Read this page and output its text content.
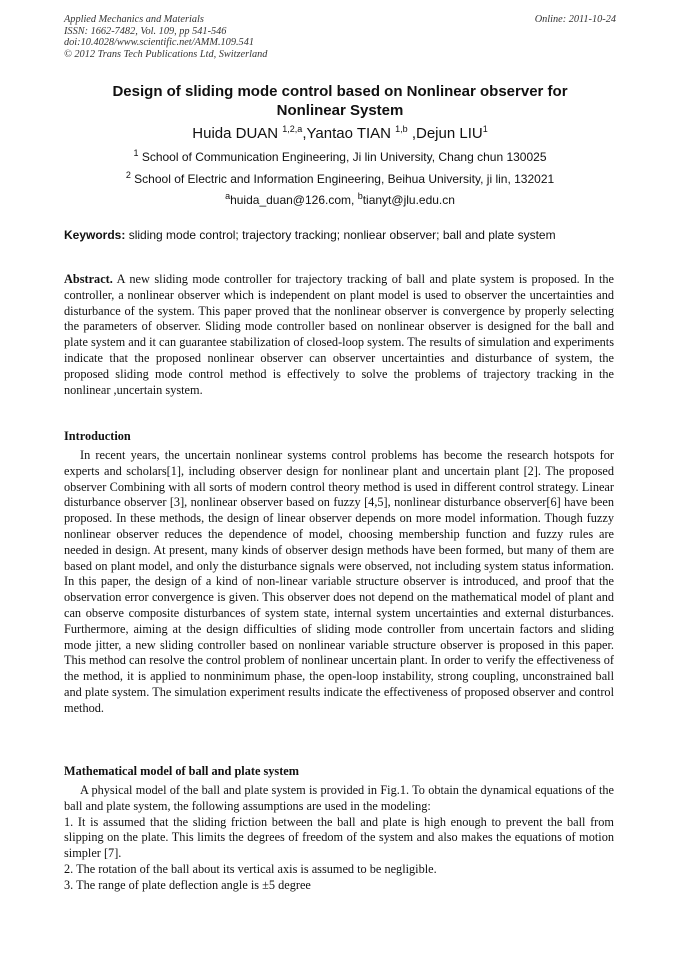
Applied Mechanics and Materials
ISSN: 1662-7482, Vol. 109, pp 541-546
doi:10.4028/www.scientific.net/AMM.109.541
© 2012 Trans Tech Publications Ltd, Switzerland
Online: 2011-10-24
Design of sliding mode control based on Nonlinear observer for
Nonlinear System
Huida DUAN $^{1,2,a}$,Yantao TIAN $^{1,b}$ ,Dejun LIU$^1$
$^1$ School of Communication Engineering, Ji lin University, Chang chun 130025
$^2$ School of Electric and Information Engineering, Beihua University, ji lin, 132021
$^a$huida_duan@126.com, $^b$tianyt@jlu.edu.cn
Keywords: sliding mode control; trajectory tracking; nonliear observer; ball and plate system
Abstract. A new sliding mode controller for trajectory tracking of ball and plate system is proposed. In the controller, a nonlinear observer which is independent on plant model is used to observer the uncertainties and disturbance of the system. This paper proved that the nonlinear observer is convergence by properly selecting the parameters of observer. Sliding mode controller based on nonlinear observer is designed for the ball and plate system and it can guarantee stabilization of closed-loop system. The results of simulation and experiments indicate that the proposed nonlinear observer can observer uncertainties and disturbance of system, the proposed sliding mode control method is effectively to solve the problems of trajectory tracking in the nonlinear ,uncertain system.
Introduction

In recent years, the uncertain nonlinear systems control problems has become the research hotspots for experts and scholars[1], including observer design for nonlinear plant and uncertain plant [2]. The proposed observer Combining with all sorts of modern control theory method is used in different control strategy. Linear disturbance observer [3], nonlinear observer based on fuzzy [4,5], nonlinear disturbance observer[6] have been proposed. In these methods, the design of linear observer depends on more model information. Though fuzzy nonlinear observer reduces the dependence of model, choosing membership function and fuzzy rules are needed in design. At present, many kinds of observer design methods have been formed, but many of them are based on plant model, and only the disturbance signals were observed, not including system status information. In this paper, the design of a kind of non-linear variable structure observer is introduced, and proof that the observation error convergence is given. This observer does not depend on the mathematical model of plant and can observe composite disturbances of system state, internal system uncertainties and external disturbances. Furthermore, aiming at the design difficulties of sliding mode controller from uncertain factors and sliding mode jitter, a new sliding controller based on nonlinear variable structure observer is proposed in this paper. This method can resolve the control problem of nonlinear uncertain plant. In order to verify the effectiveness of the method, it is applied to nonminimum phase, the open-loop instability, strong coupling, unconstrained ball and plate system. The simulation experiment results indicate the effectiveness of proposed observer and control method.

Mathematical model of ball and plate system

A physical model of the ball and plate system is provided in Fig.1. To obtain the dynamical equations of the ball and plate system, the following assumptions are used in the modeling:

1. It is assumed that the sliding friction between the ball and plate is high enough to prevent the ball from slipping on the plate. This limits the degrees of freedom of the system and also makes the equations of motion simpler [7].

2. The rotation of the ball about its vertical axis is assumed to be negligible.

3. The range of plate deflection angle is ±5 degree
